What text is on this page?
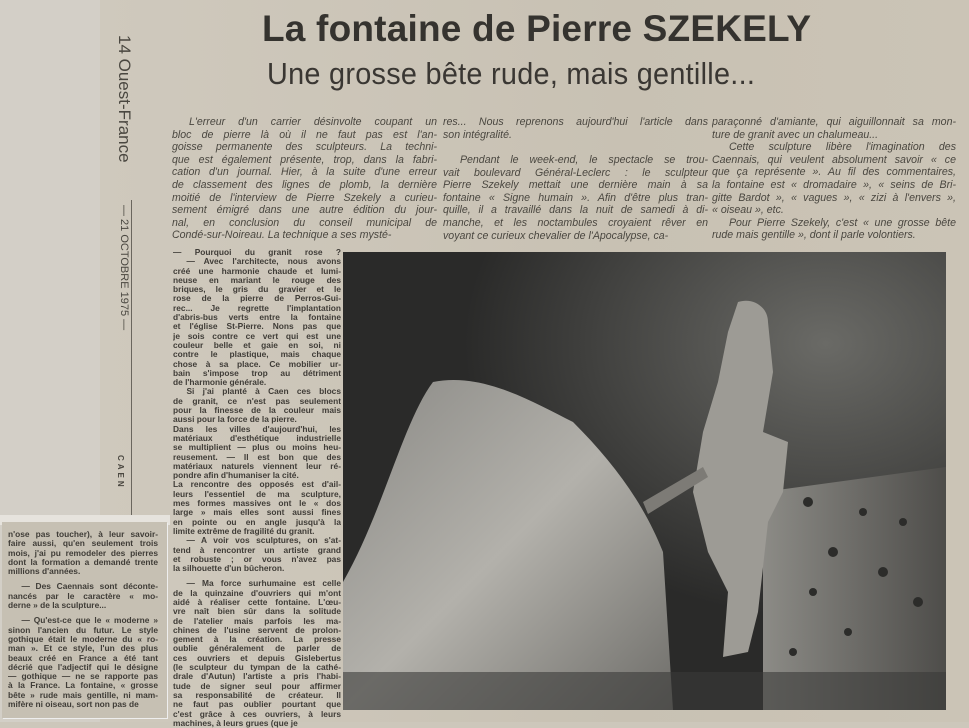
14 Ouest-France
— 21 OCTOBRE 1975 —
CAEN
La fontaine de Pierre SZEKELY
Une grosse bête rude, mais gentille...
L'erreur d'un carrier désinvolte coupant un
bloc de pierre là où il ne faut pas est l'an-
goisse permanente des sculpteurs. La techni-
que est également présente, trop, dans la fabri-
cation d'un journal. Hier, à la suite d'une erreur
de classement des lignes de plomb, la dernière
moitié de l'interview de Pierre Szekely a curieu-
sement émigré dans une autre édition du jour-
nal, en conclusion du conseil municipal de
Condé-sur-Noireau. La technique a ses mysté-
res... Nous reprenons aujourd'hui l'article dans
son intégralité.
Pendant le week-end, le spectacle se trou-
vait boulevard Général-Leclerc : le sculpteur
Pierre Szekely mettait une dernière main à sa
fontaine « Signe humain ». Afin d'être plus tran-
quille, il a travaillé dans la nuit de samedi à di-
manche, et les noctambules croyaient rêver en
voyant ce curieux chevalier de l'Apocalypse, ca-
paraçonné d'amiante, qui aiguillonnait sa mon-
ture de granit avec un chalumeau...
Cette sculpture libère l'imagination des
Caennais, qui veulent absolument savoir « ce
que ça représente ». Au fil des commentaires,
la fontaine est « dromadaire », « seins de Bri-
gitte Bardot », « vagues », « zizi à l'envers »,
« oiseau », etc.
Pour Pierre Szekely, c'est « une grosse bête
rude mais gentille », dont il parle volontiers.
— Pourquoi du granit rose ?
— Avec l'architecte, nous avons
créé une harmonie chaude et lumi-
neuse en mariant le rouge des
briques, le gris du gravier et le
rose de la pierre de Perros-Gui-
rec... Je regrette l'implantation
d'abris-bus verts entre la fontaine
et l'église St-Pierre. Nons pas que
je sois contre ce vert qui est une
couleur belle et gaie en soi, ni
contre le plastique, mais chaque
chose à sa place. Ce mobilier ur-
bain s'impose trop au détriment
de l'harmonie générale.
Si j'ai planté à Caen ces blocs
de granit, ce n'est pas seulement
pour la finesse de la couleur mais
aussi pour la force de la pierre.
Dans les villes d'aujourd'hui, les
matériaux d'esthétique industrielle
se multiplient — plus ou moins heu-
reusement. — Il est bon que des
matériaux naturels viennent leur ré-
pondre afin d'humaniser la cité.
La rencontre des opposés est d'ail-
leurs l'essentiel de ma sculpture,
mes formes massives ont le « dos
large » mais elles sont aussi fines
en pointe ou en angle jusqu'à la
limite extrême de fragilité du granit.
— A voir vos sculptures, on s'at-
tend à rencontrer un artiste grand
et robuste ; or vous n'avez pas
la silhouette d'un bûcheron.
— Ma force surhumaine est celle
de la quinzaine d'ouvriers qui m'ont
aidé à réaliser cette fontaine. L'œu-
vre naît bien sûr dans la solitude
de l'atelier mais parfois les ma-
chines de l'usine servent de prolon-
gement à la création. La presse
oublie généralement de parler de
ces ouvriers et depuis Gislebertus
(le sculpteur du tympan de la cathé-
drale d'Autun) l'artiste a pris l'habi-
tude de signer seul pour affirmer
sa responsabilité de créateur. Il
ne faut pas oublier pourtant que
c'est grâce à ces ouvriers, à leurs
machines, à leurs grues (que je
n'ose pas toucher), à leur savoir-
faire aussi, qu'en seulement trois
mois, j'ai pu remodeler des pierres
dont la formation a demandé trente
millions d'années.
— Des Caennais sont déconte-
nancés par le caractère « mo-
derne » de la sculpture...
— Qu'est-ce que le « moderne »
sinon l'ancien du futur. Le style
gothique était le moderne du « ro-
man ». Et ce style, l'un des plus
beaux créé en France a été tant
décrié que l'adjectif qui le désigne
— gothique — ne se rapporte pas
à la France. La fontaine, « grosse
bête » rude mais gentille, ni mam-
mifère ni oiseau, sort non pas de
